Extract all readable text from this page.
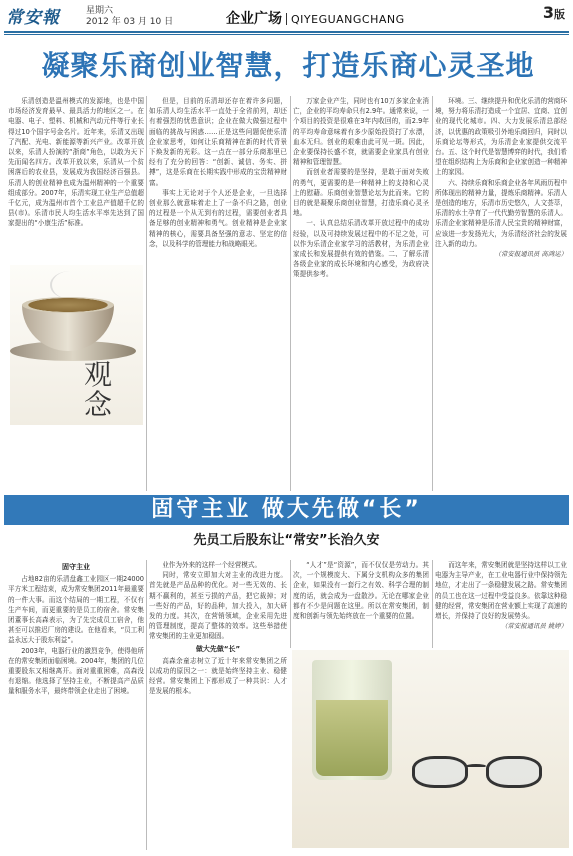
常安報	星期六
2012 年 03 月 10 日	企业广场 QIYEGUANGCHANG	3版
凝聚乐商创业智慧，打造乐商心灵圣地

乐清创造是温州模式的发源地，也是中国市场经济发育最早、最具活力的地区之一。在电器、电子、塑料、机械和汽动元件等行业长得过10个国字号金名片。近年来，乐清又出现了汽配、光电、新能源等新兴产业。改革开放以来，乐清人扮演的“浙商”角色，以敢为天下先而闻名四方。改革开放以来，乐清从一个贫困落后的农业县，发展成为我国经济百强县。乐清人的创业精神也成为温州精神的一个重要组成部分。2007年，乐清实现工业生产总值超千亿元，成为温州市首个工业总产值超千亿的县(市)。乐清市民人均生活水平率先达到了国家提出的“小康生活”标准。

观念

但是，目前的乐清却还存在着许多问题，如乐清人均生活水平一直处于全省前列，却还有着强烈的忧患意识；企业在做大做强过程中面临的挑战与困惑……正是这些问题促使乐清企业家思考，如何让乐商精神在新的时代背景下焕发新的光彩。这一点在一部分乐商那里已经有了充分的回答：“创新、诚信、务实、拼搏”，这是乐商在长期实践中形成的宝贵精神财富。

事实上无论对于个人还是企业，一旦选择创业那么就意味着走上了一条不归之路，创业的过程是一个从无到有的过程，需要创业者具备足够的创业精神和勇气。创业精神是企业家精神的核心，需要具备坚强的意志、坚定的信念，以及科学的管理能力和战略眼光。

万家企业产生，同时也有10万多家企业消亡，企业的平均寿命只有2.9年。通常来说，一个项目的投资是很难在3年内收回的，而2.9年的平均寿命意味着有多少原始投资打了水漂，血本无归。创业的艰难由此可见一斑。因此，企业要保持长盛不衰，就需要企业家具有创业精神和管理智慧。

而创业者需要的是坚持，是敢于面对失败的勇气，更需要的是一种精神上的支持和心灵上的慰藉。乐商创业智慧论坛为此而来。它的目的就是凝聚乐商创业智慧，打造乐商心灵圣地。

一、认真总结乐清改革开放过程中的成功经验，以及可持续发展过程中的不足之处，可以作为乐清企业家学习的活教材，为乐清企业家成长和发展提供有效的借鉴。二、了解乐清各级企业家的成长环境和内心感受，为政府决策提供参考。

环境。三、继续提升和优化乐清的营商环境，努力将乐清打造成一个宜居、宜商、宜创业的现代化城市。四、大力发展乐清总部经济，以优惠的政策吸引外地乐商回归，同时以乐商论坛等形式，为乐清企业家提供交流平台。五、这个时代是智慧博弈的时代，我们希望在组织结构上为乐商和企业家创造一种精神上的家园。

六、持续乐商和乐商企业各年风雨历程中所体现出的精神力量，提炼乐商精神。乐清人是创造的地方，乐清市历史悠久，人文荟萃，乐清的水土孕育了一代代勤劳智慧的乐清人。乐清企业家精神是乐清人民宝贵的精神财富，应该进一步发扬光大，为乐清经济社会的发展注入新的动力。

（常安报通讯员 高鸿运）
固守主业 做大先做“长”
先员工后股东让“常安”长治久安
固守主业

占地82亩的乐清盘鑫工业园区一期24000平方米工程结束，成为常安集团2011年最重要的一件大事。而这个结局的一期工程，不仅有生产车间，而更重要的是员工的宿舍。常安集团董事长高森表示，为了先完成员工宿舍，他甚至可以推迟厂房的建设。在他看来，“员工利益永远大于股东利益”。

2003年，电器行业的激烈竞争，使得他所在的常安集团面临困境。2004年，集团的几位重要股东又相继离开。面对重重困难，高森没有退缩。他选择了坚持主业，不断提高产品质量和服务水平，最终带领企业走出了困境。

业作为外来的这样一个经营模式。

同时，常安立即加大对主业的改进力度。首先就是产品品种的优化。对一些无效的、长期不赢利的，甚至亏损的产品，把它裁掉；对一些好的产品，好的品种，加大投入，加大研发的力度。其次，在营销领域，企业采用先进的管理制度，提高了整体的效率。这些举措使常安集团的主业更加稳固。

做大先做“长”

高森余童志树立了近十年来常安集团之所以成功的原因之一：就是始终坚持主业、稳健经营。常安集团上下都形成了一种共识：人才是发展的根本。

“人才”是“资源”，而不仅仅是劳动力。其次，一个规模庞大、下属分支机构众多的集团企业，如果没有一套行之有效、科学合理的制度的话，就会成为一盘散沙。无论在哪家企业都有不少是问题在这里。所以在常安集团，制度和创新与领先始终放在一个重要的位置。

而这年来，常安集团就是坚持这样以工业电器为主导产业，在工业电器行业中保持领先地位，才走出了一条稳健发展之路。常安集团的员工也在这一过程中受益良多。依靠这种稳健的经营，常安集团在营业额上实现了高速的增长，并保持了良好的发展势头。

（常安报通讯员 姚婷）
